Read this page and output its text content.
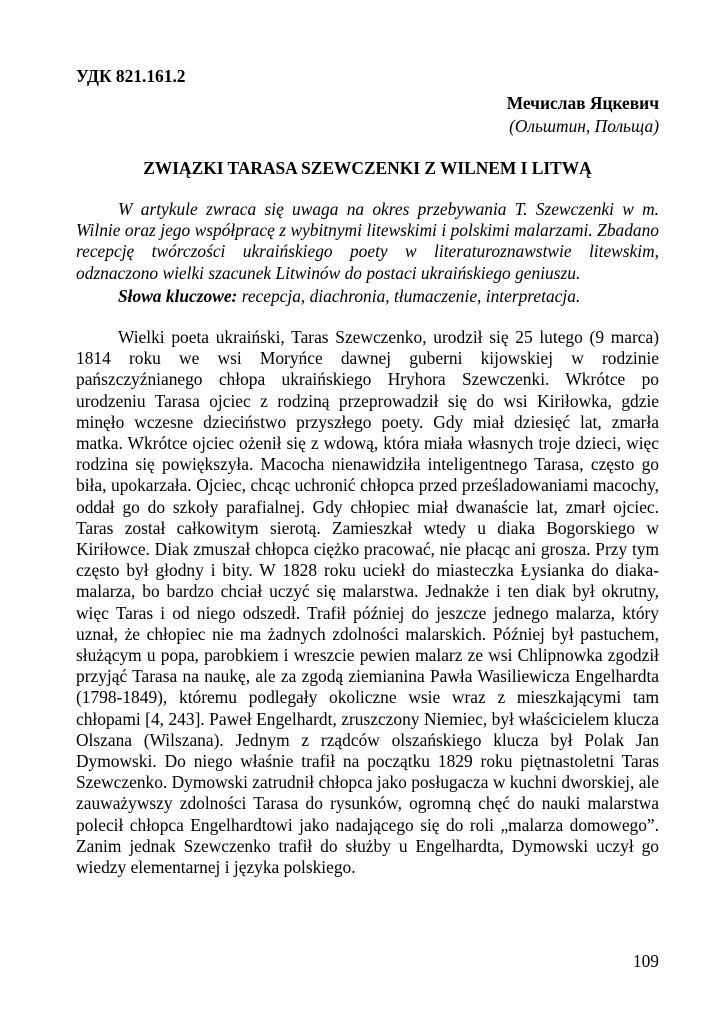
УДК 821.161.2

Мечислав Яцкевич

(Ольштин, Польща)

ZWIĄZKI TARASA SZEWCZENKI Z WILNEM I LITWĄ

W artykule zwraca się uwaga na okres przebywania T. Szewczenki w m. Wilnie oraz jego współpracę z wybitnymi litewskimi i polskimi malarzami. Zbadano recepcję twórczości ukraińskiego poety w literaturoznawstwie litewskim, odznaczono wielki szacunek Litwinów do postaci ukraińskiego geniuszu.

Słowa kluczowe: recepcja, diachronia, tłumaczenie, interpretacja.

Wielki poeta ukraiński, Taras Szewczenko, urodził się 25 lutego (9 marca) 1814 roku we wsi Moryńce dawnej guberni kijowskiej w rodzinie pańszczyźnianego chłopa ukraińskiego Hryhora Szewczenki. Wkrótce po urodzeniu Tarasa ojciec z rodziną przeprowadził się do wsi Kiriłowka, gdzie minęło wczesne dzieciństwo przyszłego poety. Gdy miał dziesięć lat, zmarła matka. Wkrótce ojciec ożenił się z wdową, która miała własnych troje dzieci, więc rodzina się powiększyła. Macocha nienawidziła inteligentnego Tarasa, często go biła, upokarzała. Ojciec, chcąc uchronić chłopca przed prześladowaniami macochy, oddał go do szkoły parafialnej. Gdy chłopiec miał dwanaście lat, zmarł ojciec. Taras został całkowitym sierotą. Zamieszkał wtedy u diaka Bogorskiego w Kiriłowce. Diak zmuszał chłopca ciężko pracować, nie płacąc ani grosza. Przy tym często był głodny i bity. W 1828 roku uciekł do miasteczka Łysianka do diaka-malarza, bo bardzo chciał uczyć się malarstwa. Jednakże i ten diak był okrutny, więc Taras i od niego odszedł. Trafił później do jeszcze jednego malarza, który uznał, że chłopiec nie ma żadnych zdolności malarskich. Później był pastuchem, służącym u popa, parobkiem i wreszcie pewien malarz ze wsi Chlipnowka zgodził przyjąć Tarasa na naukę, ale za zgodą ziemianina Pawła Wasiliewicza Engelhardta (1798-1849), któremu podlegały okoliczne wsie wraz z mieszkającymi tam chłopami [4, 243]. Paweł Engelhardt, zruszczony Niemiec, był właścicielem klucza Olszana (Wilszana). Jednym z rządców olszańskiego klucza był Polak Jan Dymowski. Do niego właśnie trafił na początku 1829 roku piętnastoletni Taras Szewczenko. Dymowski zatrudnił chłopca jako posługacza w kuchni dworskiej, ale zauważywszy zdolności Tarasa do rysunków, ogromną chęć do nauki malarstwa polecił chłopca Engelhardtowi jako nadającego się do roli „malarza domowego”. Zanim jednak Szewczenko trafił do służby u Engelhardta, Dymowski uczył go wiedzy elementarnej i języka polskiego.

109
